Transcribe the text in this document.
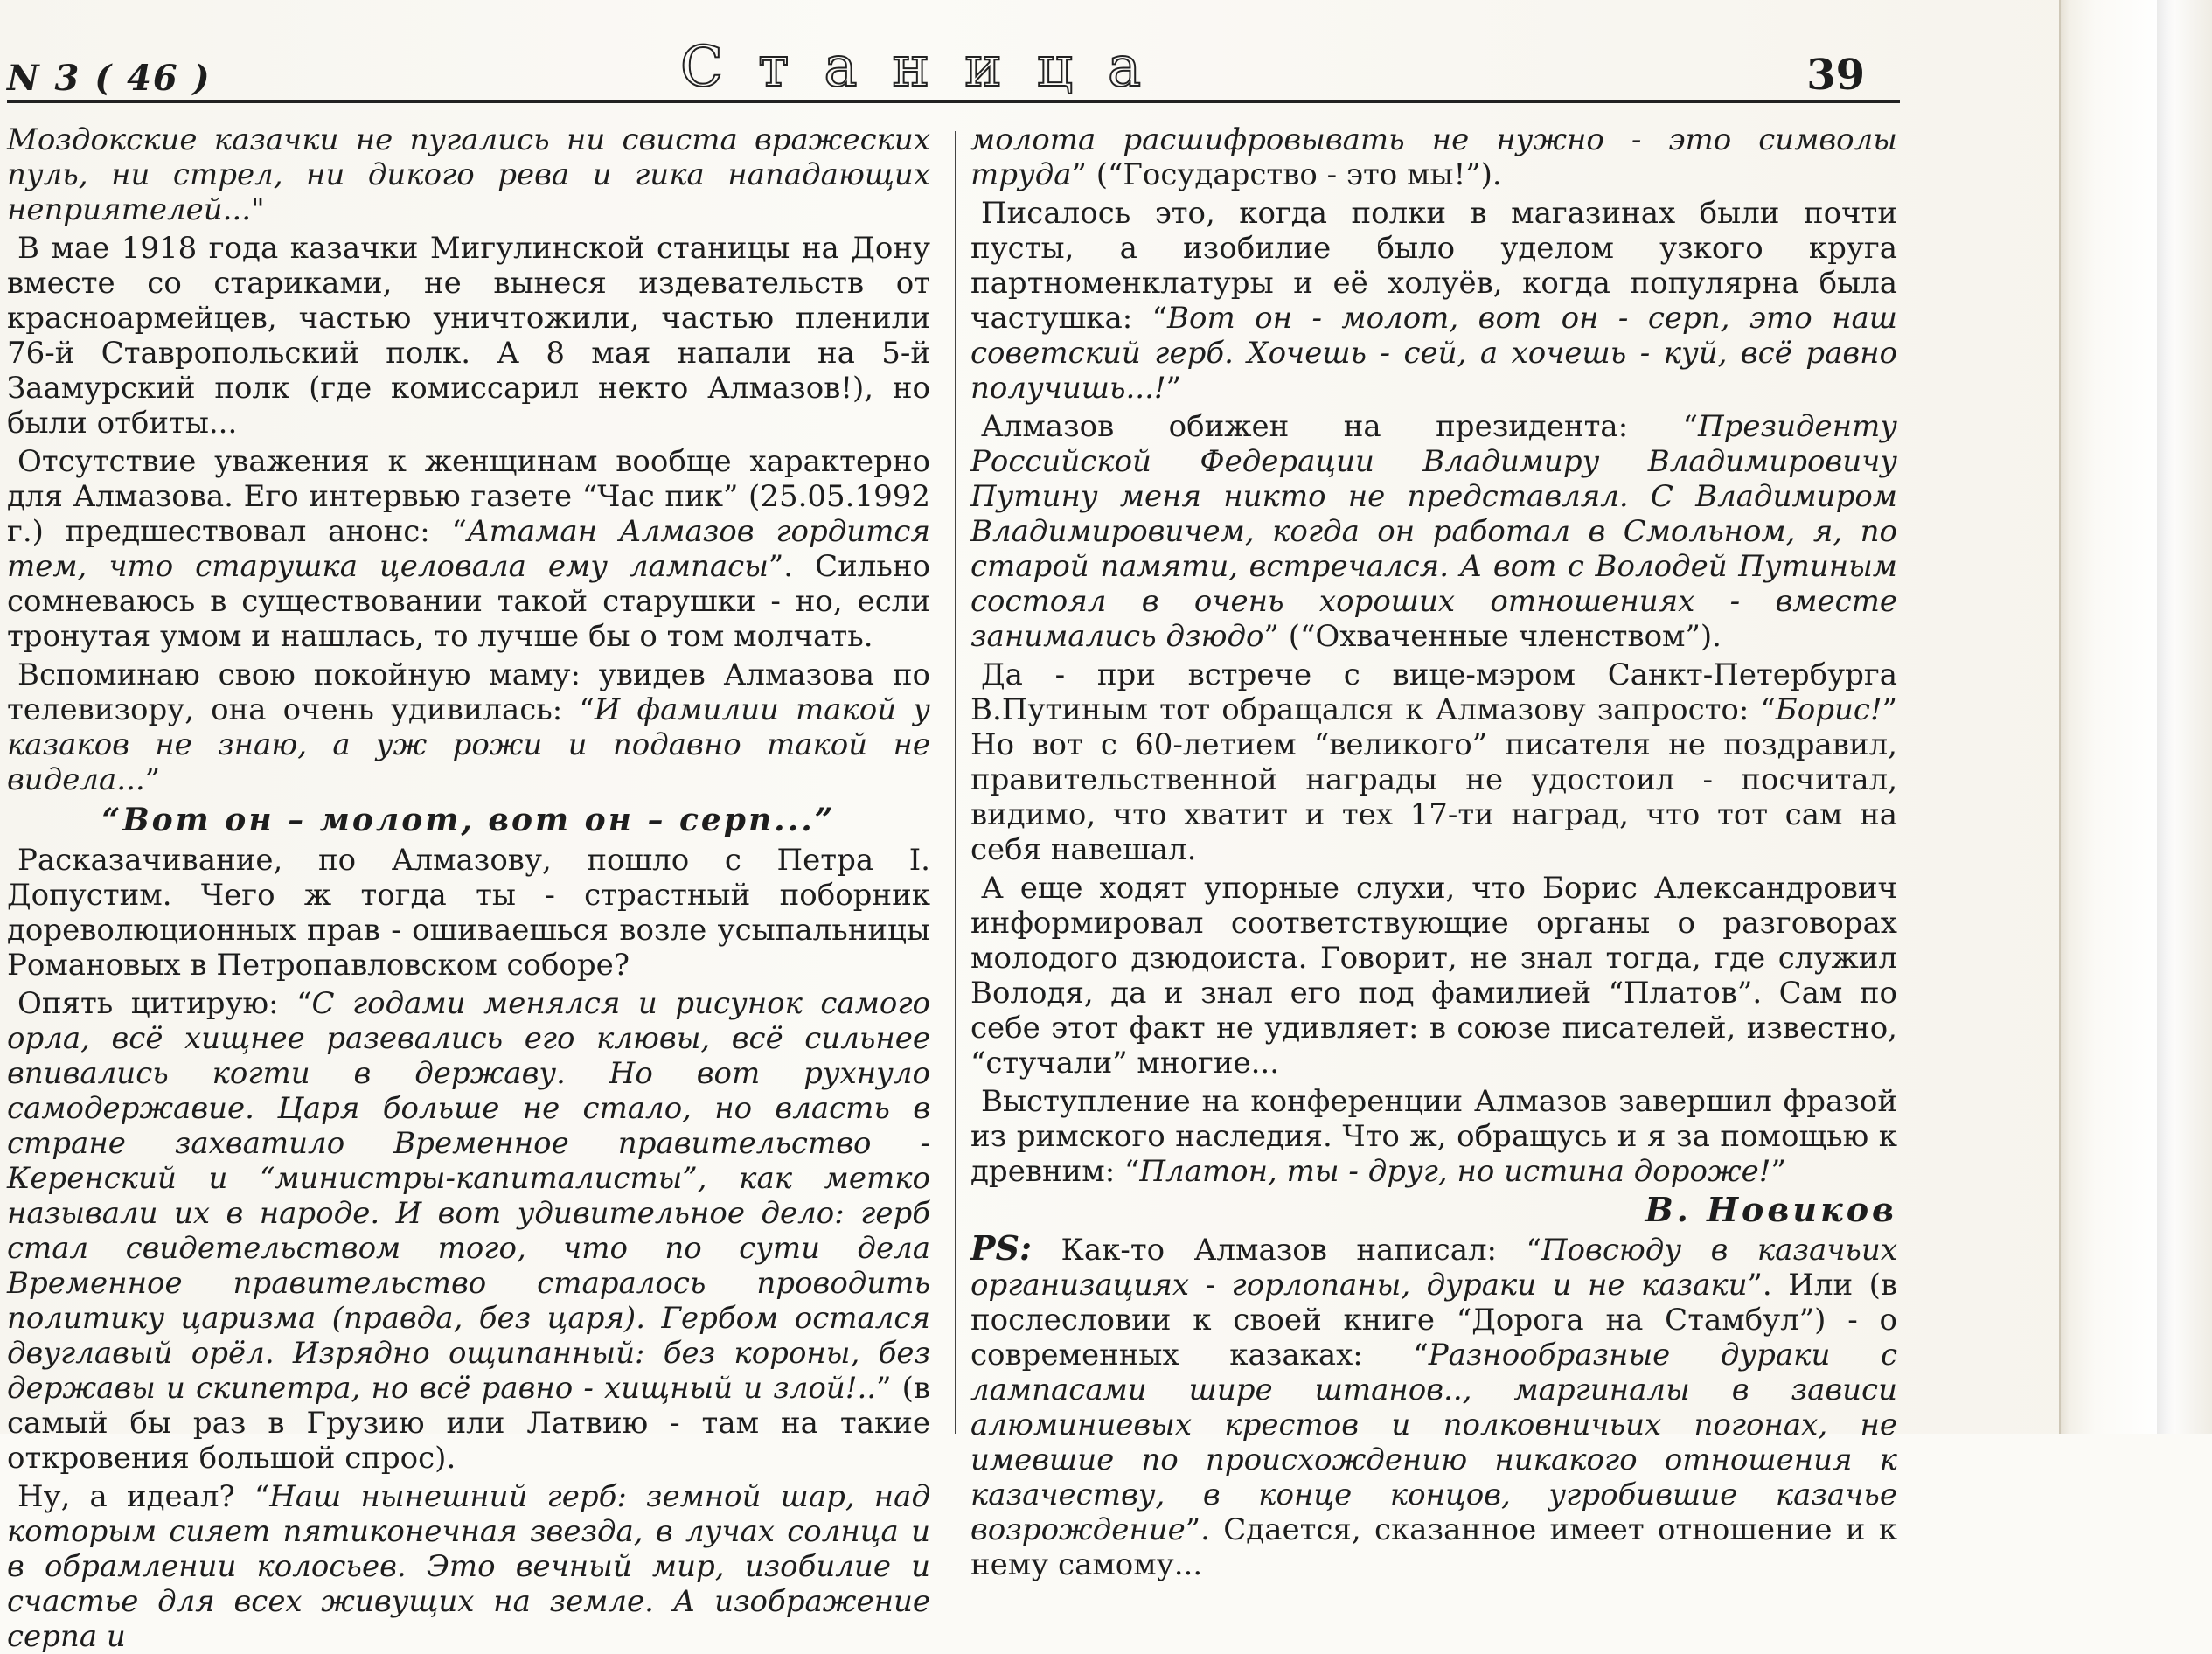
N 3 ( 46 )	Станица	39

Моздокские казачки не пугались ни свиста вражеских пуль, ни стрел, ни дикого рева и гика нападающих неприятелей..."

В мае 1918 года казачки Мигулинской станицы на Дону вместе со стариками, не вынеся издевательств от красноармейцев, частью уничтожили, частью пленили 76-й Ставропольский полк. А 8 мая напали на 5-й Заамурский полк (где комиссарил некто Алмазов!), но были отбиты...

Отсутствие уважения к женщинам вообще характерно для Алмазова. Его интервью газете “Час пик” (25.05.1992 г.) предшествовал анонс: “Атаман Алмазов гордится тем, что старушка целовала ему лампасы”. Сильно сомневаюсь в существовании такой старушки - но, если тронутая умом и нашлась, то лучше бы о том молчать.

Вспоминаю свою покойную маму: увидев Алмазова по телевизору, она очень удивилась: “И фамилии такой у казаков не знаю, а уж рожи и подавно такой не видела...”

“Вот он – молот, вот он – серп...”

Расказачивание, по Алмазову, пошло с Петра I. Допустим. Чего ж тогда ты - страстный поборник дореволюционных прав - ошиваешься возле усыпальницы Романовых в Петропавловском соборе?

Опять цитирую: “С годами менялся и рисунок самого орла, всё хищнее разевались его клювы, всё сильнее впивались когти в державу. Но вот рухнуло самодержавие. Царя больше не стало, но власть в стране захватило Временное правительство - Керенский и “министры-капиталисты”, как метко называли их в народе. И вот удивительное дело: герб стал свидетельством того, что по сути дела Временное правительство старалось проводить политику царизма (правда, без царя). Гербом остался двуглавый орёл. Изрядно ощипанный: без короны, без державы и скипетра, но всё равно - хищный и злой!..” (в самый бы раз в Грузию или Латвию - там на такие откровения большой спрос).

Ну, а идеал? “Наш нынешний герб: земной шар, над которым сияет пятиконечная звезда, в лучах солнца и в обрамлении колосьев. Это вечный мир, изобилие и счастье для всех живущих на земле. А изображение серпа и

молота расшифровывать не нужно - это символы труда” (“Государство - это мы!”).

Писалось это, когда полки в магазинах были почти пусты, а изобилие было уделом узкого круга партноменклатуры и её холуёв, когда популярна была частушка: “Вот он - молот, вот он - серп, это наш советский герб. Хочешь - сей, а хочешь - куй, всё равно получишь...!”

Алмазов обижен на президента: “Президенту Российской Федерации Владимиру Владимировичу Путину меня никто не представлял. С Владимиром Владимировичем, когда он работал в Смольном, я, по старой памяти, встречался. А вот с Володей Путиным состоял в очень хороших отношениях - вместе занимались дзюдо” (“Охваченные членством”).

Да - при встрече с вице-мэром Санкт-Петербурга В.Путиным тот обращался к Алмазову запросто: “Борис!” Но вот с 60-летием “великого” писателя не поздравил, правительственной награды не удостоил - посчитал, видимо, что хватит и тех 17-ти наград, что тот сам на себя навешал.

А еще ходят упорные слухи, что Борис Александрович информировал соответствующие органы о разговорах молодого дзюдоиста. Говорит, не знал тогда, где служил Володя, да и знал его под фамилией “Платов”. Сам по себе этот факт не удивляет: в союзе писателей, известно, “стучали” многие...

Выступление на конференции Алмазов завершил фразой из римского наследия. Что ж, обращусь и я за помощью к древним: “Платон, ты - друг, но истина дороже!”

В. Новиков

PS: Как-то Алмазов написал: “Повсюду в казачьих организациях - горлопаны, дураки и не казаки”. Или (в послесловии к своей книге “Дорога на Стамбул”) - о современных казаках: “Разнообразные дураки с лампасами шире штанов.., маргиналы в зависи алюминиевых крестов и полковничьих погонах, не имевшие по происхождению никакого отношения к казачеству, в конце концов, угробившие казачье возрождение”. Сдается, сказанное имеет отношение и к нему самому...
